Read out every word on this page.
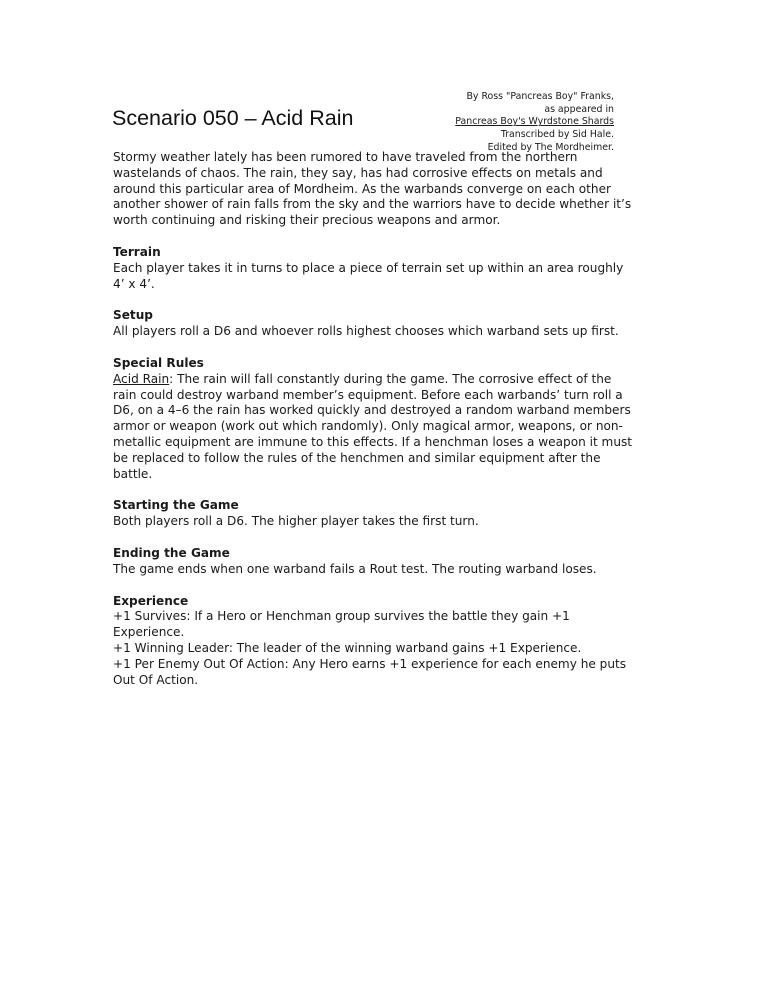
By Ross "Pancreas Boy" Franks,
as appeared in
Pancreas Boy's Wyrdstone Shards
Transcribed by Sid Hale.
Edited by The Mordheimer.
Scenario 050 – Acid Rain

Stormy weather lately has been rumored to have traveled from the northern wastelands of chaos. The rain, they say, has had corrosive effects on metals and around this particular area of Mordheim. As the warbands converge on each other another shower of rain falls from the sky and the warriors have to decide whether it’s worth continuing and risking their precious weapons and armor.

Terrain

Each player takes it in turns to place a piece of terrain set up within an area roughly 4’ x 4’.

Setup

All players roll a D6 and whoever rolls highest chooses which warband sets up first.

Special Rules

Acid Rain: The rain will fall constantly during the game. The corrosive effect of the rain could destroy warband member’s equipment. Before each warbands’ turn roll a D6, on a 4–6 the rain has worked quickly and destroyed a random warband members armor or weapon (work out which randomly). Only magical armor, weapons, or non-metallic equipment are immune to this effects. If a henchman loses a weapon it must be replaced to follow the rules of the henchmen and similar equipment after the battle.

Starting the Game

Both players roll a D6. The higher player takes the first turn.

Ending the Game

The game ends when one warband fails a Rout test. The routing warband loses.

Experience

+1 Survives: If a Hero or Henchman group survives the battle they gain +1 Experience.

+1 Winning Leader: The leader of the winning warband gains +1 Experience.

+1 Per Enemy Out Of Action: Any Hero earns +1 experience for each enemy he puts Out Of Action.
